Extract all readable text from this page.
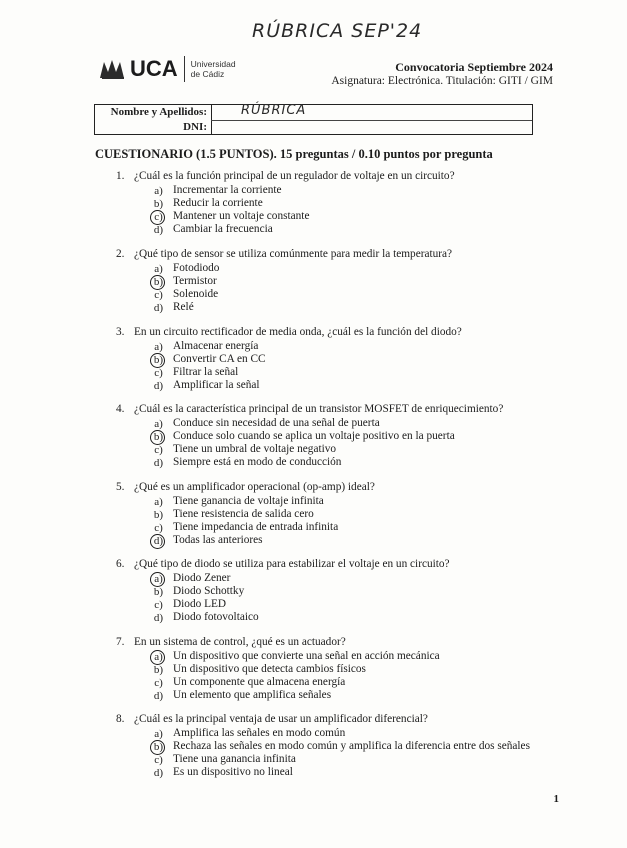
RÚBRICA SEP'24
UCA Universidad
de Cádiz	Convocatoria Septiembre 2024
Asignatura: Electrónica. Titulación: GITI / GIM
Nombre y Apellidos:
DNI:
RÚBRICA
CUESTIONARIO (1.5 PUNTOS). 15 preguntas / 0.10 puntos por pregunta
1. ¿Cuál es la función principal de un regulador de voltaje en un circuito?
a) Incrementar la corriente
b) Reducir la corriente
c) Mantener un voltaje constante
d) Cambiar la frecuencia
2. ¿Qué tipo de sensor se utiliza comúnmente para medir la temperatura?
a) Fotodiodo
b) Termistor
c) Solenoide
d) Relé
3. En un circuito rectificador de media onda, ¿cuál es la función del diodo?
a) Almacenar energía
b) Convertir CA en CC
c) Filtrar la señal
d) Amplificar la señal
4. ¿Cuál es la característica principal de un transistor MOSFET de enriquecimiento?
a) Conduce sin necesidad de una señal de puerta
b) Conduce solo cuando se aplica un voltaje positivo en la puerta
c) Tiene un umbral de voltaje negativo
d) Siempre está en modo de conducción
5. ¿Qué es un amplificador operacional (op-amp) ideal?
a) Tiene ganancia de voltaje infinita
b) Tiene resistencia de salida cero
c) Tiene impedancia de entrada infinita
d) Todas las anteriores
6. ¿Qué tipo de diodo se utiliza para estabilizar el voltaje en un circuito?
a) Diodo Zener
b) Diodo Schottky
c) Diodo LED
d) Diodo fotovoltaico
7. En un sistema de control, ¿qué es un actuador?
a) Un dispositivo que convierte una señal en acción mecánica
b) Un dispositivo que detecta cambios físicos
c) Un componente que almacena energía
d) Un elemento que amplifica señales
8. ¿Cuál es la principal ventaja de usar un amplificador diferencial?
a) Amplifica las señales en modo común
b) Rechaza las señales en modo común y amplifica la diferencia entre dos señales
c) Tiene una ganancia infinita
d) Es un dispositivo no lineal
1
